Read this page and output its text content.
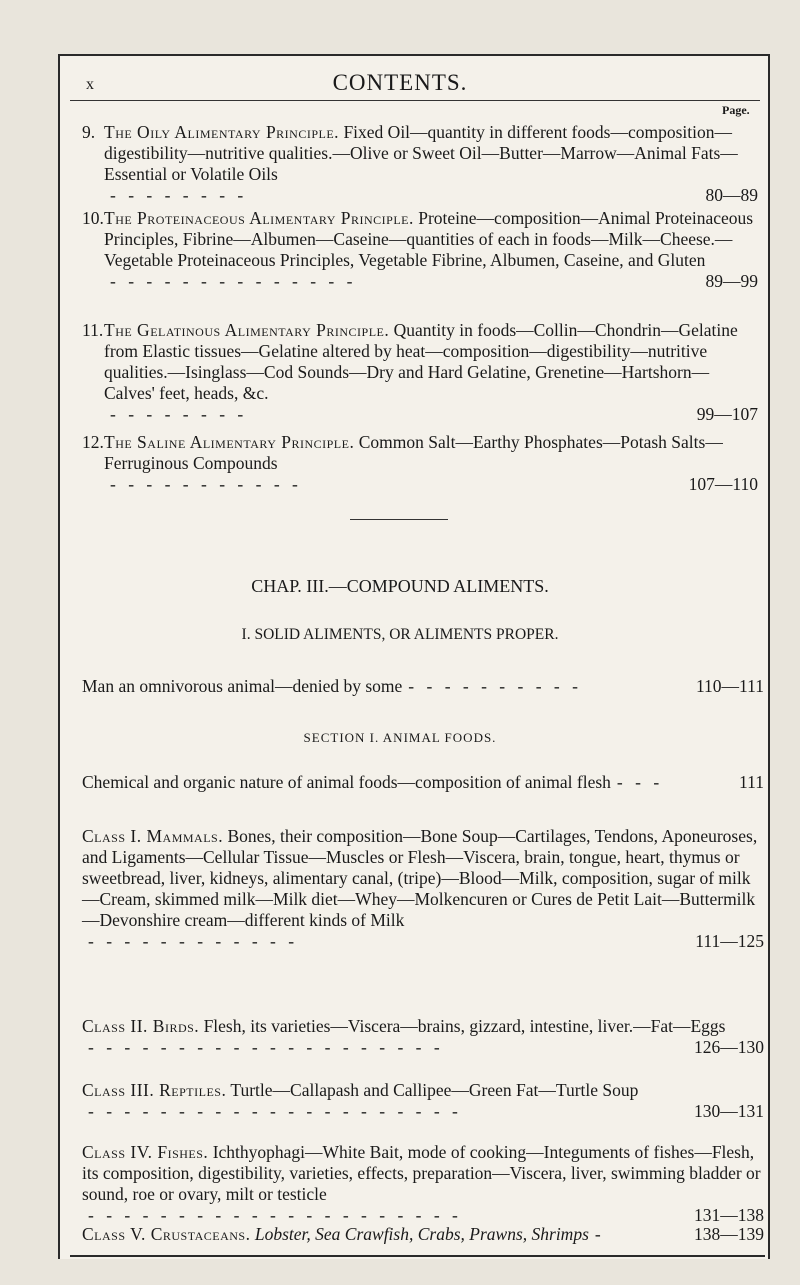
x	CONTENTS.
Page.
9. The Oily Alimentary Principle. Fixed Oil—quantity in different foods—composition—digestibility—nutritive qualities.—Olive or Sweet Oil—Butter—Marrow—Animal Fats—Essential or Volatile Oils
- - - - - - - -	80—89
10. The Proteinaceous Alimentary Principle. Proteine—composition—Animal Proteinaceous Principles, Fibrine—Albumen—Caseine—quantities of each in foods—Milk—Cheese.—Vegetable Proteinaceous Principles, Vegetable Fibrine, Albumen, Caseine, and Gluten
- - - - - - - - - - - - - -	89—99
11. The Gelatinous Alimentary Principle. Quantity in foods—Collin—Chondrin—Gelatine from Elastic tissues—Gelatine altered by heat—composition—digestibility—nutritive qualities.—Isinglass—Cod Sounds—Dry and Hard Gelatine, Grenetine—Hartshorn—Calves' feet, heads, &c.
- - - - - - - -	99—107
12. The Saline Alimentary Principle. Common Salt—Earthy Phosphates—Potash Salts—Ferruginous Compounds
- - - - - - - - - - -	107—110
CHAP. III.—COMPOUND ALIMENTS.
I. SOLID ALIMENTS, OR ALIMENTS PROPER.
Man an omnivorous animal—denied by some - - - - - - - - - -	110—111
SECTION I. ANIMAL FOODS.
Chemical and organic nature of animal foods—composition of animal flesh - - -	111
Class I. Mammals. Bones, their composition—Bone Soup—Cartilages, Tendons, Aponeuroses, and Ligaments—Cellular Tissue—Muscles or Flesh—Viscera, brain, tongue, heart, thymus or sweetbread, liver, kidneys, alimentary canal, (tripe)—Blood—Milk, composition, sugar of milk—Cream, skimmed milk—Milk diet—Whey—Molkencuren or Cures de Petit Lait—Buttermilk—Devonshire cream—different kinds of Milk
- - - - - - - - - - - -	111—125
Class II. Birds. Flesh, its varieties—Viscera—brains, gizzard, intestine, liver.—Fat—Eggs
- - - - - - - - - - - - - - - - - - - -	126—130
Class III. Reptiles. Turtle—Callapash and Callipee—Green Fat—Turtle Soup
- - - - - - - - - - - - - - - - - - - - -	130—131
Class IV. Fishes. Ichthyophagi—White Bait, mode of cooking—Integuments of fishes—Flesh, its composition, digestibility, varieties, effects, preparation—Viscera, liver, swimming bladder or sound, roe or ovary, milt or testicle
- - - - - - - - - - - - - - - - - - - - -	131—138
Class V. Crustaceans.
Lobster, Sea Crawfish, Crabs, Prawns, Shrimps -	138—139
